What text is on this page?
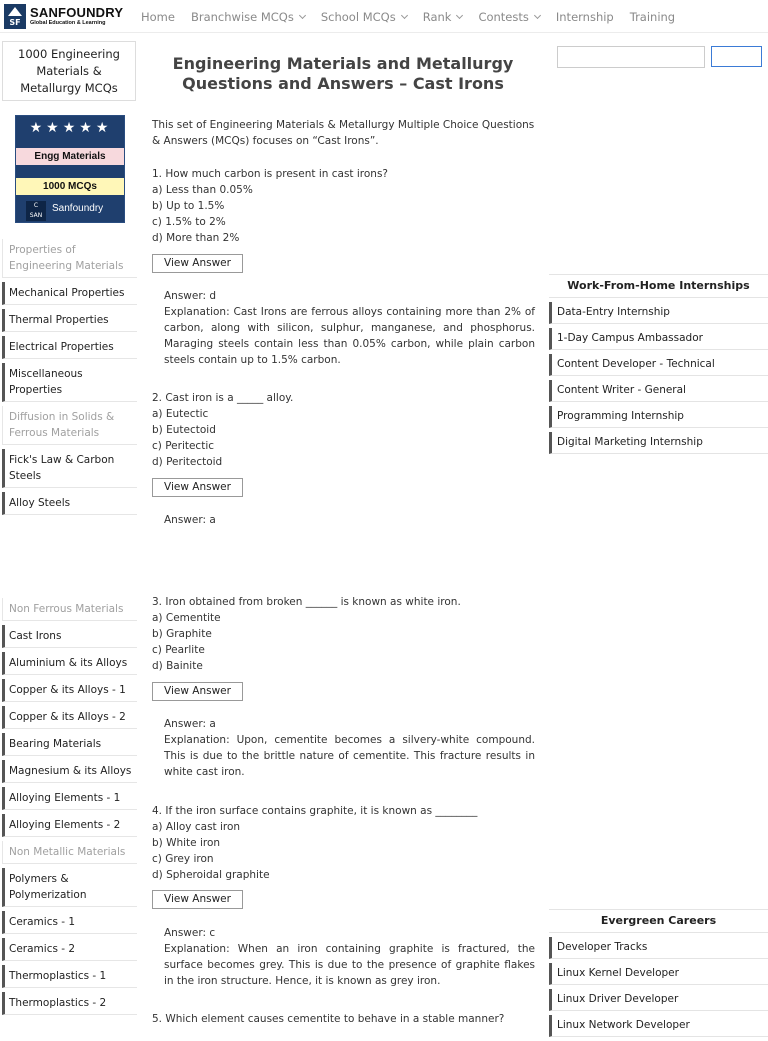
SF
SANFOUNDRY
Global Education & Learning	Home Branchwise MCQs School MCQs Rank Contests Internship Training
1000 Engineering Materials & Metallurgy MCQs
★★★★★
Engg Materials
1000 MCQs
C
SAN
Sanfoundry
Properties of Engineering Materials
Mechanical Properties
Thermal Properties
Electrical Properties
Miscellaneous Properties
Diffusion in Solids & Ferrous Materials
Fick's Law & Carbon Steels
Alloy Steels
Non Ferrous Materials
Cast Irons
Aluminium & its Alloys
Copper & its Alloys - 1
Copper & its Alloys - 2
Bearing Materials
Magnesium & its Alloys
Alloying Elements - 1
Alloying Elements - 2
Non Metallic Materials
Polymers & Polymerization
Ceramics - 1
Ceramics - 2
Thermoplastics - 1
Thermoplastics - 2
Engineering Materials and Metallurgy Questions and Answers – Cast Irons

This set of Engineering Materials & Metallurgy Multiple Choice Questions & Answers (MCQs) focuses on “Cast Irons”.

1. How much carbon is present in cast irons?

a) Less than 0.05%

b) Up to 1.5%

c) 1.5% to 2%

d) More than 2%

View Answer

Answer: d

Explanation: Cast Irons are ferrous alloys containing more than 2% of carbon, along with silicon, sulphur, manganese, and phosphorus. Maraging steels contain less than 0.05% carbon, while plain carbon steels contain up to 1.5% carbon.

2. Cast iron is a _____ alloy.

a) Eutectic

b) Eutectoid

c) Peritectic

d) Peritectoid

View Answer

Answer: a

3. Iron obtained from broken ______ is known as white iron.

a) Cementite

b) Graphite

c) Pearlite

d) Bainite

View Answer

Answer: a

Explanation: Upon, cementite becomes a silvery-white compound. This is due to the brittle nature of cementite. This fracture results in white cast iron.

4. If the iron surface contains graphite, it is known as ________

a) Alloy cast iron

b) White iron

c) Grey iron

d) Spheroidal graphite

View Answer

Answer: c

Explanation: When an iron containing graphite is fractured, the surface becomes grey. This is due to the presence of graphite flakes in the iron structure. Hence, it is known as grey iron.

5. Which element causes cementite to behave in a stable manner?

Work-From-Home Internships
Data-Entry Internship
1-Day Campus Ambassador
Content Developer - Technical
Content Writer - General
Programming Internship
Digital Marketing Internship
Evergreen Careers
Developer Tracks
Linux Kernel Developer
Linux Driver Developer
Linux Network Developer
